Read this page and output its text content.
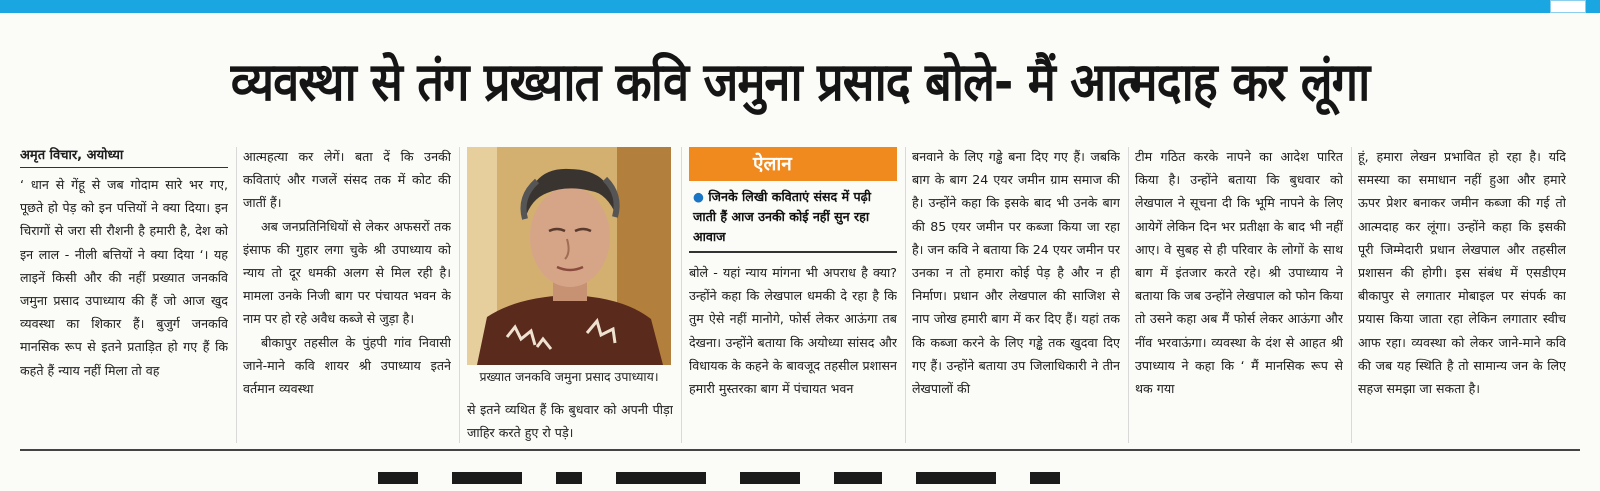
व्यवस्था से तंग प्रख्यात कवि जमुना प्रसाद बोले- मैं आत्मदाह कर लूंगा
अमृत विचार, अयोध्या

‘ धान से गेंहू से जब गोदाम सारे भर गए, पूछते हो पेड़ को इन पत्तियों ने क्या दिया। इन चिरागों से जरा सी रौशनी है हमारी है, देश को इन लाल - नीली बत्तियों ने क्या दिया ‘। यह लाइनें किसी और की नहीं प्रख्यात जनकवि जमुना प्रसाद उपाध्याय की हैं जो आज खुद व्यवस्था का शिकार हैं। बुजुर्ग जनकवि मानसिक रूप से इतने प्रताड़ित हो गए हैं कि कहते हैं न्याय नहीं मिला तो वह

आत्महत्या कर लेगें। बता दें कि उनकी कविताएं और गजलें संसद तक में कोट की जातीं हैं।

अब जनप्रतिनिधियों से लेकर अफसरों तक इंसाफ की गुहार लगा चुके श्री उपाध्याय को न्याय तो दूर धमकी अलग से मिल रही है। मामला उनके निजी बाग पर पंचायत भवन के नाम पर हो रहे अवैध कब्जे से जुड़ा है।

बीकापुर तहसील के पुंहपी गांव निवासी जाने-माने कवि शायर श्री उपाध्याय इतने वर्तमान व्यवस्था

प्रख्यात जनकवि जमुना प्रसाद उपाध्याय।

से इतने व्यथित हैं कि बुधवार को अपनी पीड़ा जाहिर करते हुए रो पड़े।

ऐलान
● जिनके लिखी कविताएं संसद में पढ़ी जाती हैं आज उनकी कोई नहीं सुन रहा आवाज

बोले - यहां न्याय मांगना भी अपराध है क्या? उन्होंने कहा कि लेखपाल धमकी दे रहा है कि तुम ऐसे नहीं मानोगे, फोर्स लेकर आऊंगा तब देखना। उन्होंने बताया कि अयोध्या सांसद और विधायक के कहने के बावजूद तहसील प्रशासन हमारी मुस्तरका बाग में पंचायत भवन

बनवाने के लिए गड्ढे बना दिए गए हैं। जबकि बाग के बाग 24 एयर जमीन ग्राम समाज की है। उन्होंने कहा कि इसके बाद भी उनके बाग की 85 एयर जमीन पर कब्जा किया जा रहा है। जन कवि ने बताया कि 24 एयर जमीन पर उनका न तो हमारा कोई पेड़ है और न ही निर्माण। प्रधान और लेखपाल की साजिश से नाप जोख हमारी बाग में कर दिए हैं। यहां तक कि कब्जा करने के लिए गड्ढे तक खुदवा दिए गए हैं। उन्होंने बताया उप जिलाधिकारी ने तीन लेखपालों की

टीम गठित करके नापने का आदेश पारित किया है। उन्होंने बताया कि बुधवार को लेखपाल ने सूचना दी कि भूमि नापने के लिए आयेगें लेकिन दिन भर प्रतीक्षा के बाद भी नहीं आए। वे सुबह से ही परिवार के लोगों के साथ बाग में इंतजार करते रहे। श्री उपाध्याय ने बताया कि जब उन्होंने लेखपाल को फोन किया तो उसने कहा अब मैं फोर्स लेकर आऊंगा और नींव भरवाऊंगा। व्यवस्था के दंश से आहत श्री उपाध्याय ने कहा कि ‘ मैं मानसिक रूप से थक गया

हूं, हमारा लेखन प्रभावित हो रहा है। यदि समस्या का समाधान नहीं हुआ और हमारे ऊपर प्रेशर बनाकर जमीन कब्जा की गई तो आत्मदाह कर लूंगा। उन्होंने कहा कि इसकी पूरी जिम्मेदारी प्रधान लेखपाल और तहसील प्रशासन की होगी। इस संबंध में एसडीएम बीकापुर से लगातार मोबाइल पर संपर्क का प्रयास किया जाता रहा लेकिन लगातार स्वीच आफ रहा। व्यवस्था को लेकर जाने-माने कवि की जब यह स्थिति है तो सामान्य जन के लिए सहज समझा जा सकता है।
